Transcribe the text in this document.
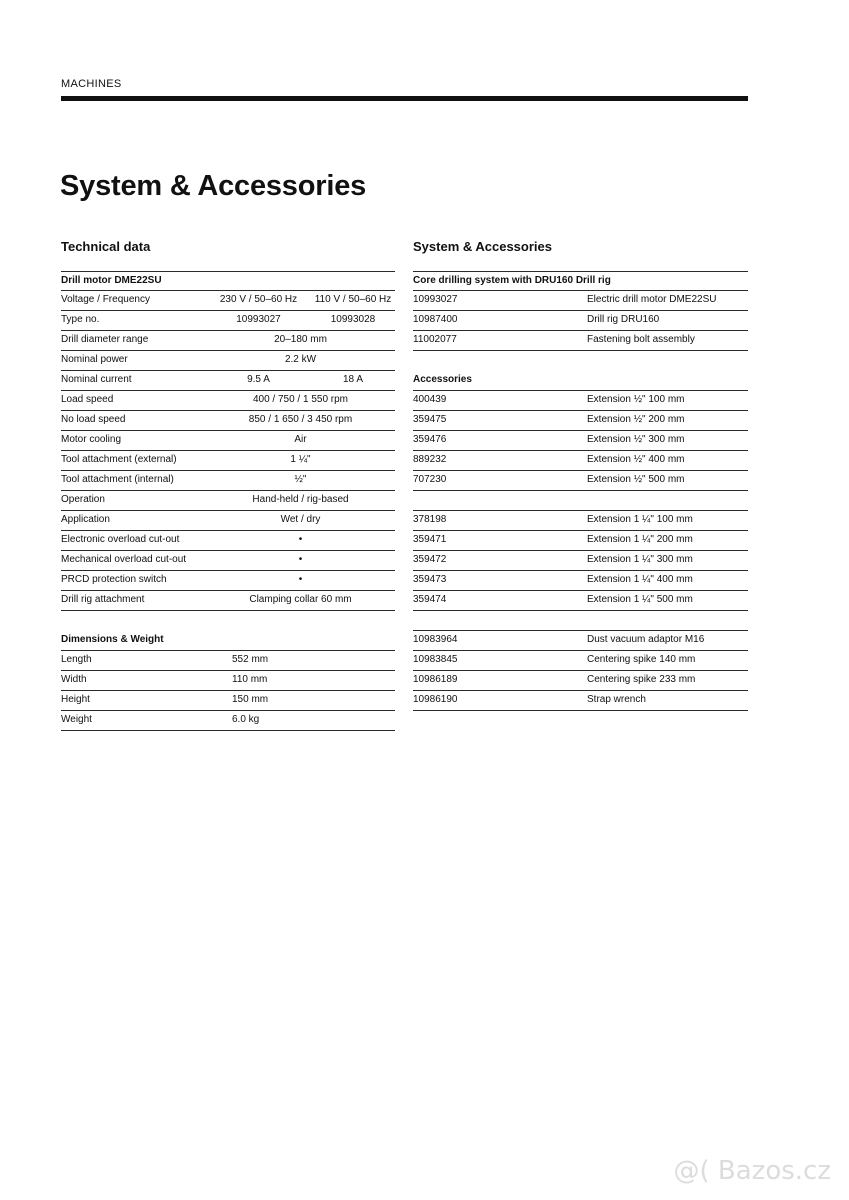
MACHINES
System & Accessories
Technical data
Drill motor DME22SU
Voltage / Frequency	230 V / 50–60 Hz	110 V / 50–60 Hz
Type no.	10993027	10993028
Drill diameter range	20–180 mm
Nominal power	2.2 kW
Nominal current	9.5 A	18 A
Load speed	400 / 750 / 1 550 rpm
No load speed	850 / 1 650 / 3 450 rpm
Motor cooling	Air
Tool attachment (external)	1 ¼"
Tool attachment (internal)	½"
Operation	Hand-held / rig-based
Application	Wet / dry
Electronic overload cut-out	•
Mechanical overload cut-out	•
PRCD protection switch	•
Drill rig attachment	Clamping collar 60 mm
Dimensions & Weight
Length	552 mm
Width	110 mm
Height	150 mm
Weight	6.0 kg
System & Accessories
Core drilling system with DRU160 Drill rig
10993027	Electric drill motor DME22SU
10987400	Drill rig DRU160
11002077	Fastening bolt assembly
Accessories
400439	Extension ½" 100 mm
359475	Extension ½" 200 mm
359476	Extension ½" 300 mm
889232	Extension ½" 400 mm
707230	Extension ½" 500 mm
378198	Extension 1 ¼" 100 mm
359471	Extension 1 ¼" 200 mm
359472	Extension 1 ¼" 300 mm
359473	Extension 1 ¼" 400 mm
359474	Extension 1 ¼" 500 mm
10983964	Dust vacuum adaptor M16
10983845	Centering spike 140 mm
10986189	Centering spike 233 mm
10986190	Strap wrench
@( Bazos.cz
